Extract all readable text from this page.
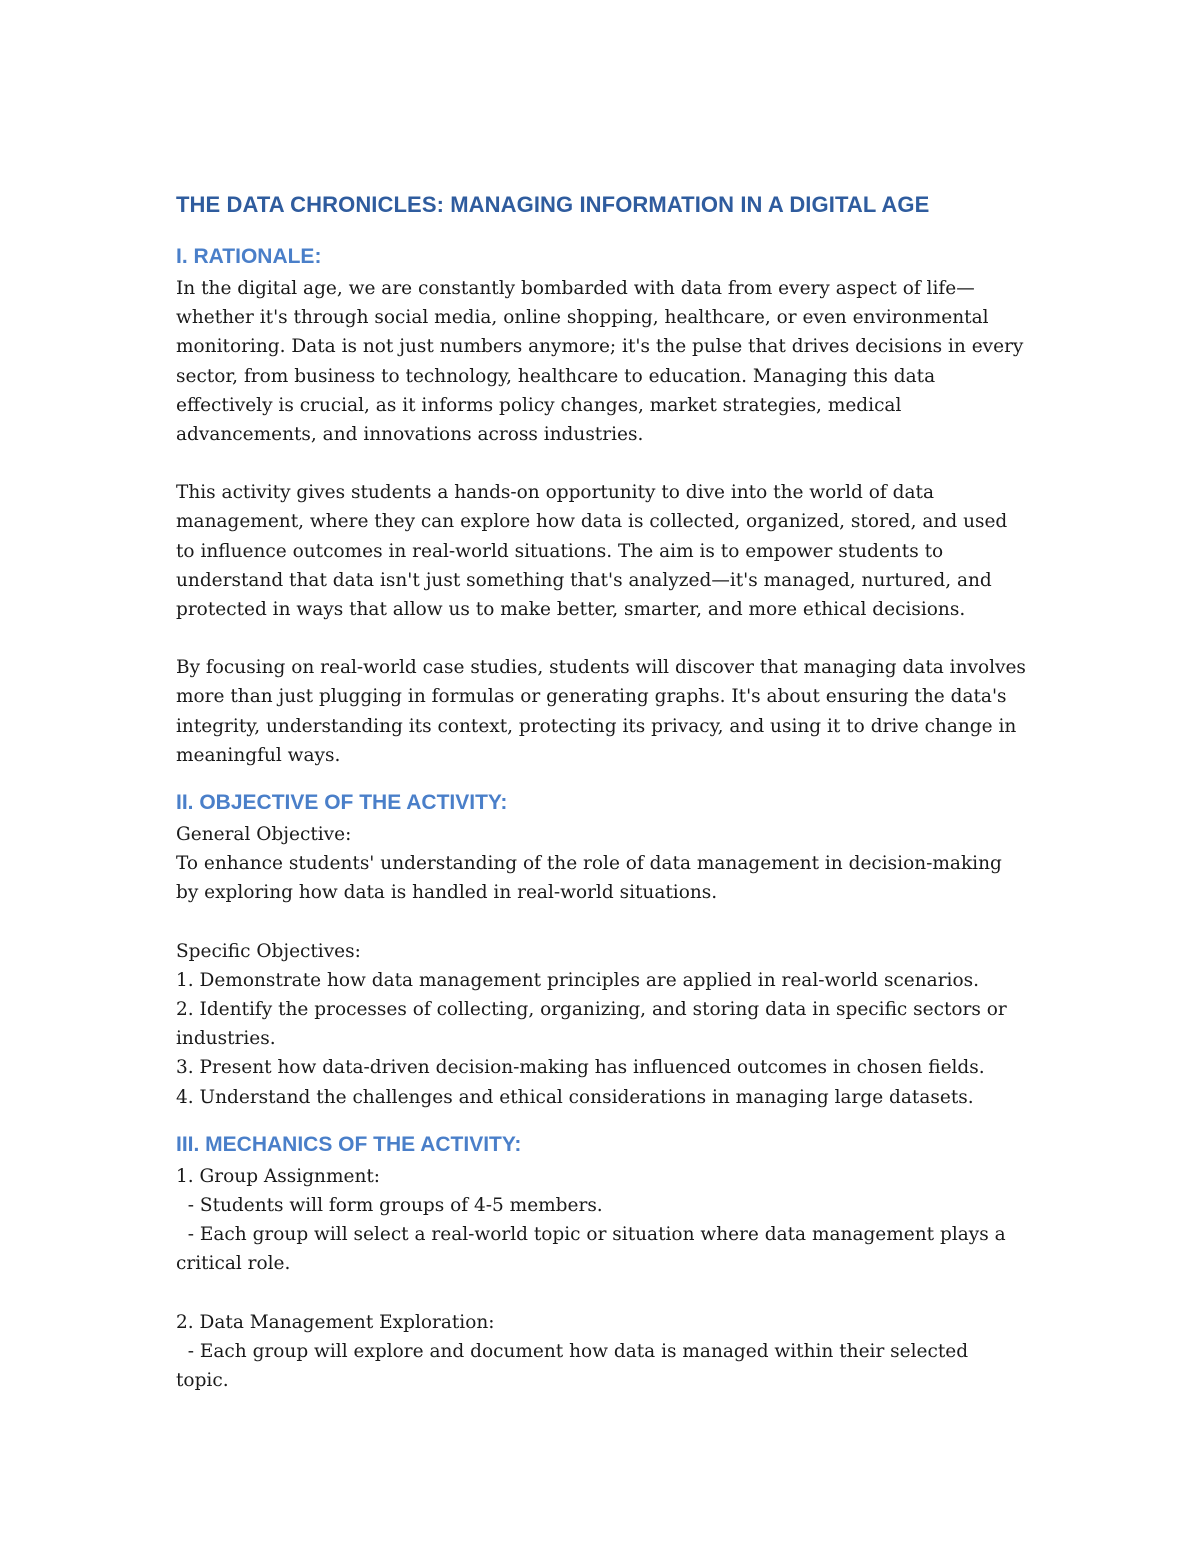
THE DATA CHRONICLES: MANAGING INFORMATION IN A DIGITAL AGE
I. RATIONALE:

In the digital age, we are constantly bombarded with data from every aspect of life—whether it's through social media, online shopping, healthcare, or even environmental monitoring. Data is not just numbers anymore; it's the pulse that drives decisions in every sector, from business to technology, healthcare to education. Managing this data effectively is crucial, as it informs policy changes, market strategies, medical advancements, and innovations across industries.

This activity gives students a hands-on opportunity to dive into the world of data management, where they can explore how data is collected, organized, stored, and used to influence outcomes in real-world situations. The aim is to empower students to understand that data isn't just something that's analyzed—it's managed, nurtured, and protected in ways that allow us to make better, smarter, and more ethical decisions.

By focusing on real-world case studies, students will discover that managing data involves more than just plugging in formulas or generating graphs. It's about ensuring the data's integrity, understanding its context, protecting its privacy, and using it to drive change in meaningful ways.

II. OBJECTIVE OF THE ACTIVITY:

General Objective:

To enhance students' understanding of the role of data management in decision-making by exploring how data is handled in real-world situations.

Specific Objectives:

1. Demonstrate how data management principles are applied in real-world scenarios.

2. Identify the processes of collecting, organizing, and storing data in specific sectors or industries.

3. Present how data-driven decision-making has influenced outcomes in chosen fields.

4. Understand the challenges and ethical considerations in managing large datasets.

III. MECHANICS OF THE ACTIVITY:

1. Group Assignment:

- Students will form groups of 4-5 members.

- Each group will select a real-world topic or situation where data management plays a critical role.

2. Data Management Exploration:

- Each group will explore and document how data is managed within their selected topic.
